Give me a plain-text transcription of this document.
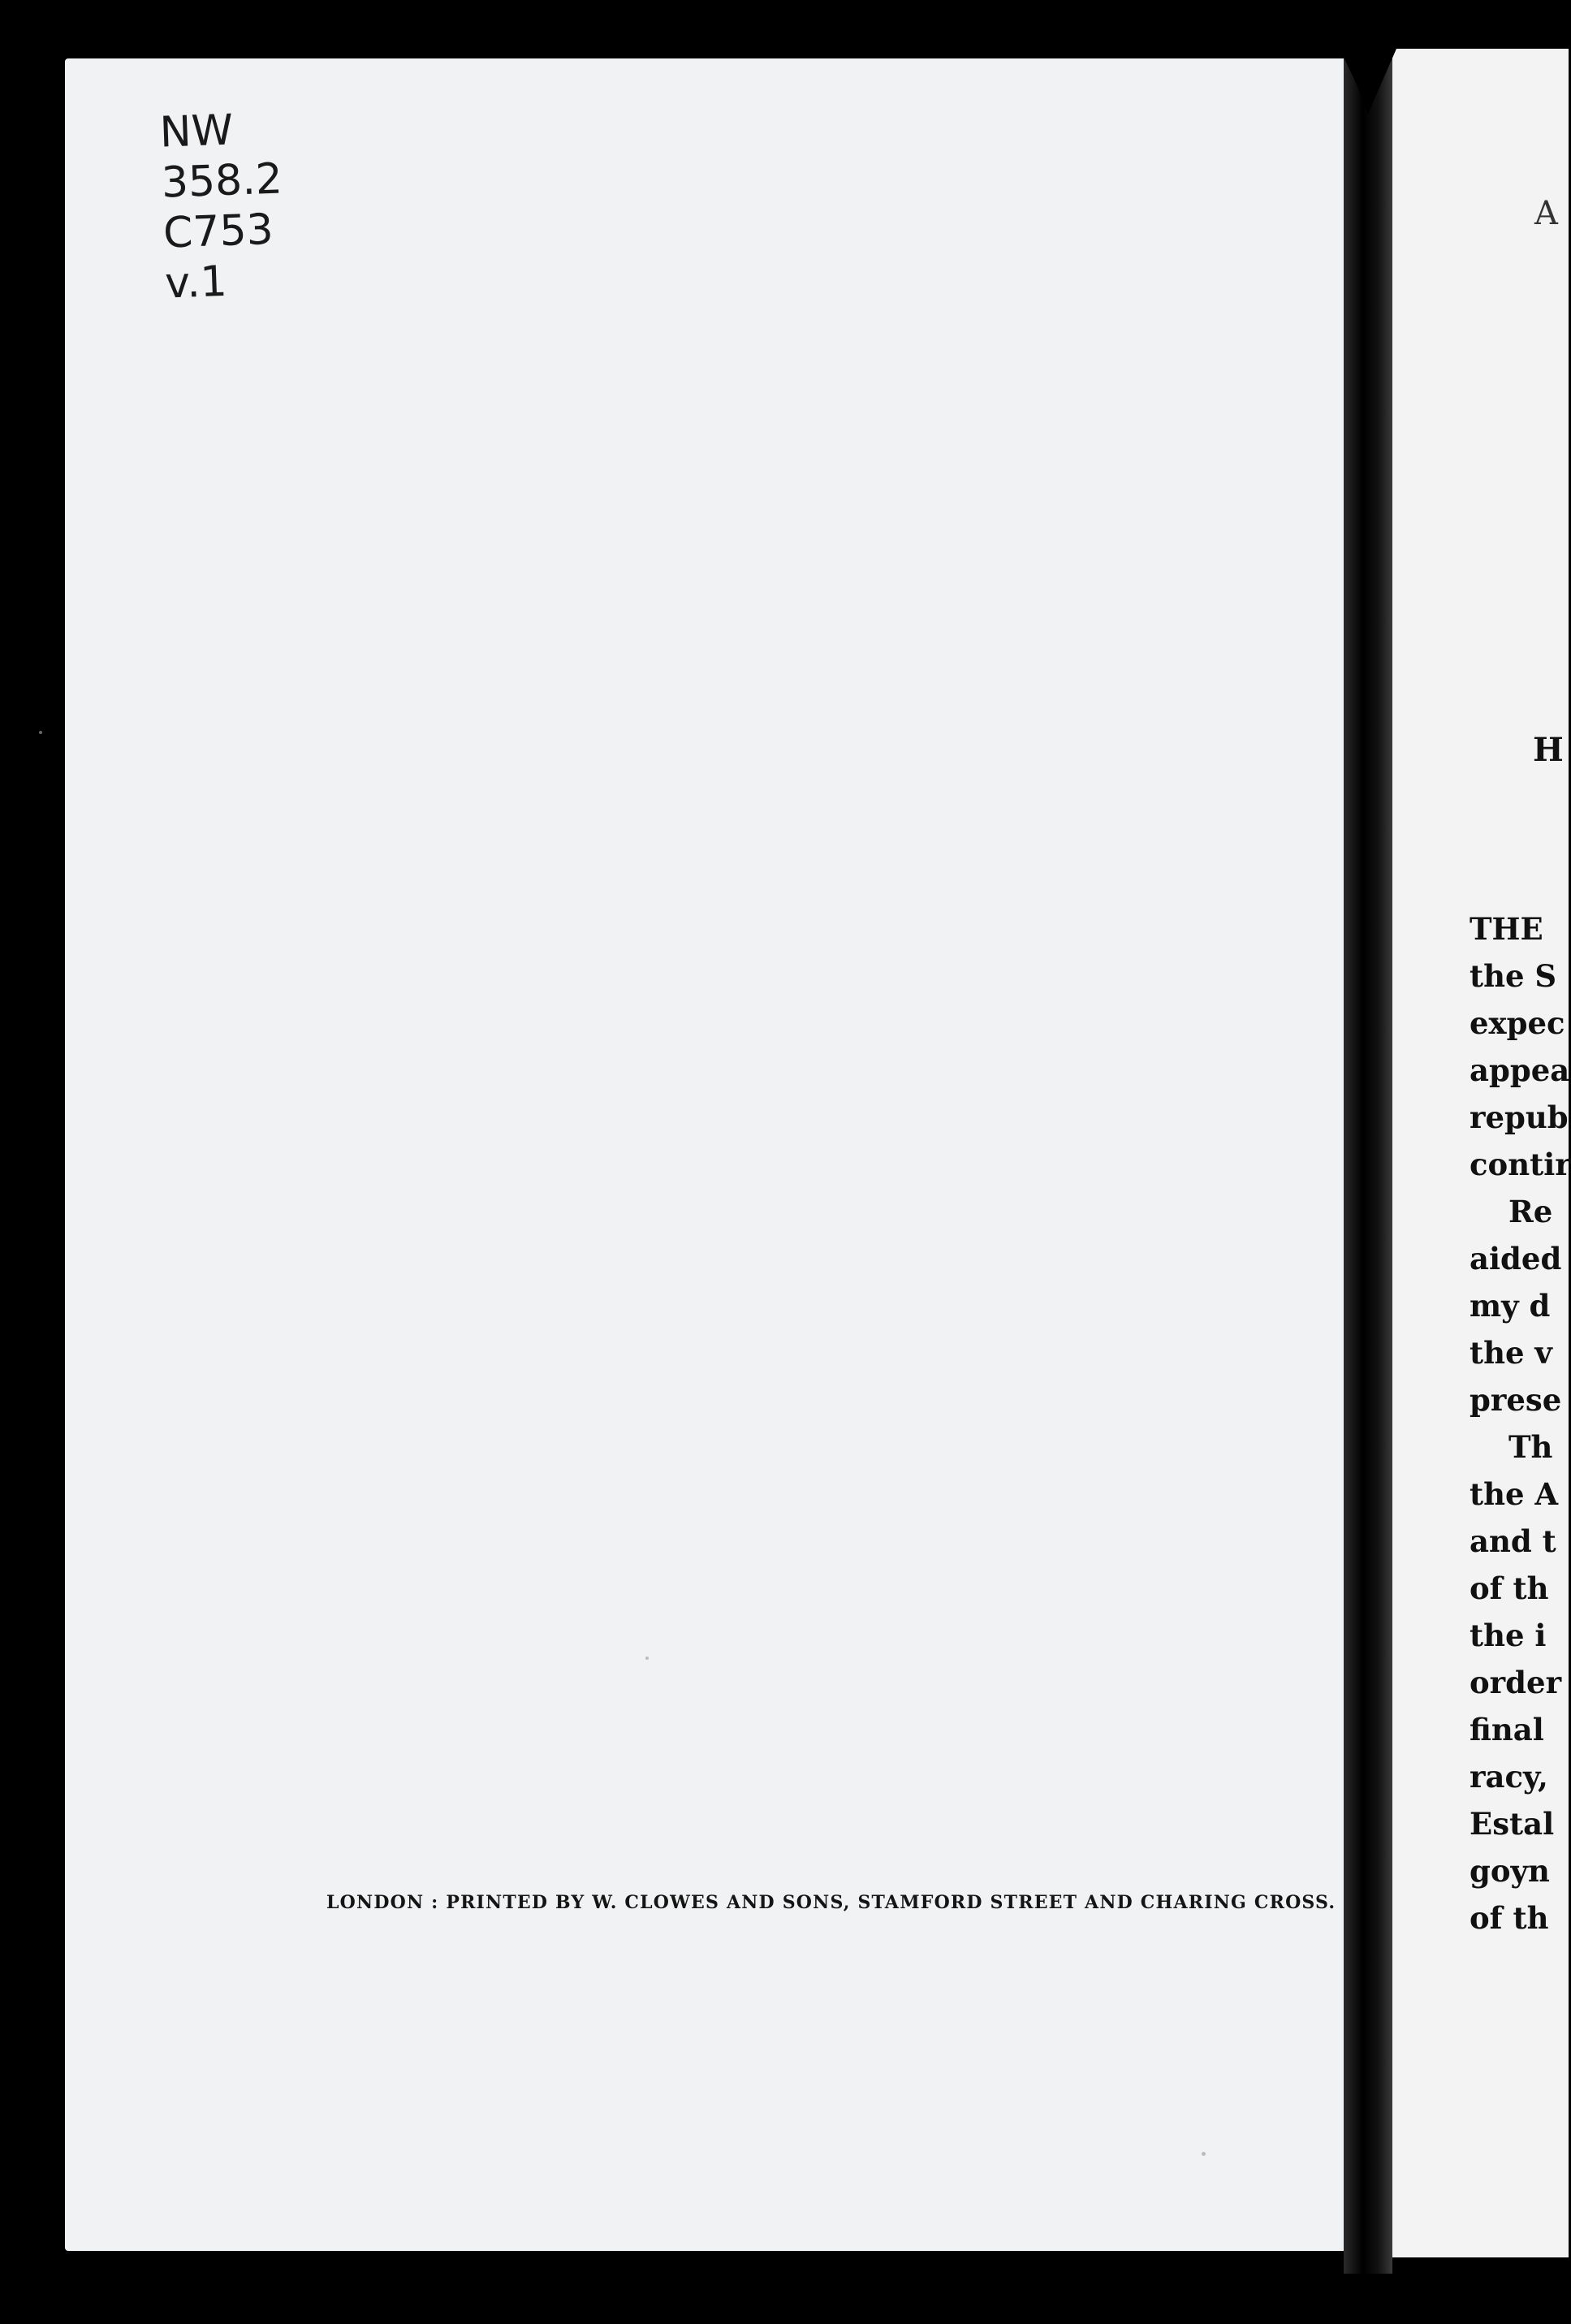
NW
358.2
C753
v.1
LONDON : PRINTED BY W. CLOWES AND SONS, STAMFORD STREET AND CHARING CROSS.
A
H
THE
the S
expec
appea
repub
contir
Re
aided
my d
the v
prese
Th
the A
and t
of th
the i
order
final
racy,
Estal
goyn
of th
